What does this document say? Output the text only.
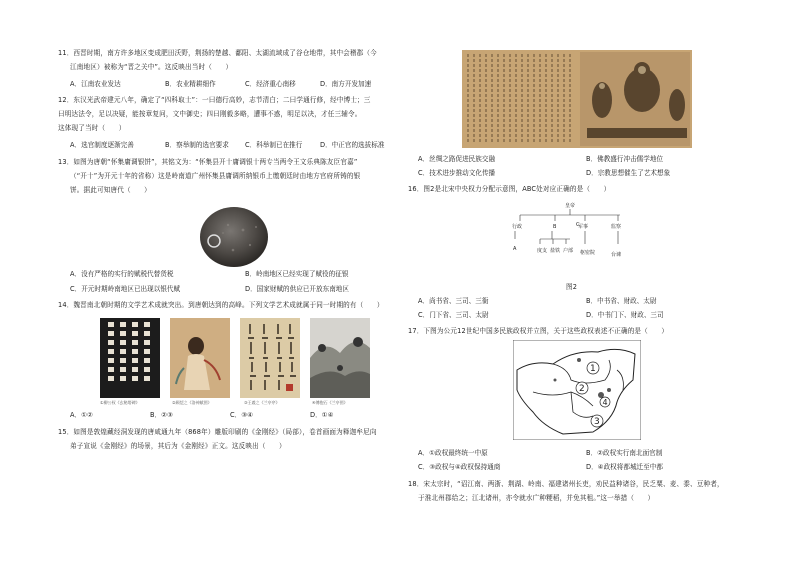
11．西晋时期，南方许多地区变成肥田沃野，荆扬的楚越、鄱阳、太湖流域成了谷仓地带，其中会稽郡（今
江南地区）被称为“晋之关中”。这反映出当时（　　）
A．江南农业发达	B．农业精耕细作	C．经济重心南移	D．南方开发加速
12．东汉光武帝建元八年，确定了“四科取士”：一曰德行高妙，志节清白；二曰学通行修，经中博士；三
曰明达法令，足以决疑，能按章复问，文中御史；四曰刚毅多略，遭事不惑，明足以决，才任三辅令。
这体现了当时（　　）
A．选官制度逐渐完善	B．察举制的选官要求 C．科举制已在推行	D．中正官的选拔标准
13．如图为唐朝“怀集庸调银饼”，其铭文为：“怀集县开十庸调银十两专当两令王文乐典陈友臣官嘉”
（“开十”为开元十年的省称）这是岭南道广州怀集县庸调所纳银币上缴朝廷时由地方官府所铸的银
饼。据此可知唐代（　　）
A．没有严格的实行的赋税代替货税	B．岭南地区已经实现了赋役的征银
C．开元时期岭南地区已出现以银代赋	D．国家财赋的供应已开放东南地区
14．魏晋南北朝时期的文学艺术成就突出。到唐朝达到的高峰。下列文学艺术成就属于同一时期的有（　　）
①柳公权《玄秘塔碑》	②顾恺之《洛神赋图》	③王羲之《兰亭序》	④傅抱石《兰亭图》
A．①②	B．②③	C．③④	D．①④
15．如图是敦煌藏经洞发现的唐咸通九年（868年）雕版印刷的《金刚经》（局部），卷首画面为释迦牟尼向
弟子宣说《金刚经》的场景，其后为《金刚经》正文。这反映出（　　）
A．丝绸之路促进民族交融	B．佛教盛行冲击儒学地位
C．技术进步推动文化传播	D．宗教思想催生了艺术想象
16．图2是北宋中央权力分配示意图，ABC处对应正确的是（　　）
皇帝
行政	B	军事	监察
A	度支 盐铁 户部
C
枢密院	台谏
图2
A．尚书省、三司、三衙	B．中书省、财政、太尉
C．门下省、三司、太尉	D．中书门下、财政、三司
17．下图为公元12世纪中国多民族政权并立图，关于这些政权表述不正确的是（　　）
1
2
3
4
A．①政权最终统一中原	B．②政权实行南北面官制
C．③政权与④政权保持通商	D．④政权将都城迁至中都
18．宋太宗时，“诏江南、两浙、荆湖、岭南、福建诸州长吏，劝民益种诸谷，民乏粟、麦、黍、豆种者，
于淮北州郡给之；江北诸州，亦令就水广种粳稻，并免其租。”这一举措（　　）
